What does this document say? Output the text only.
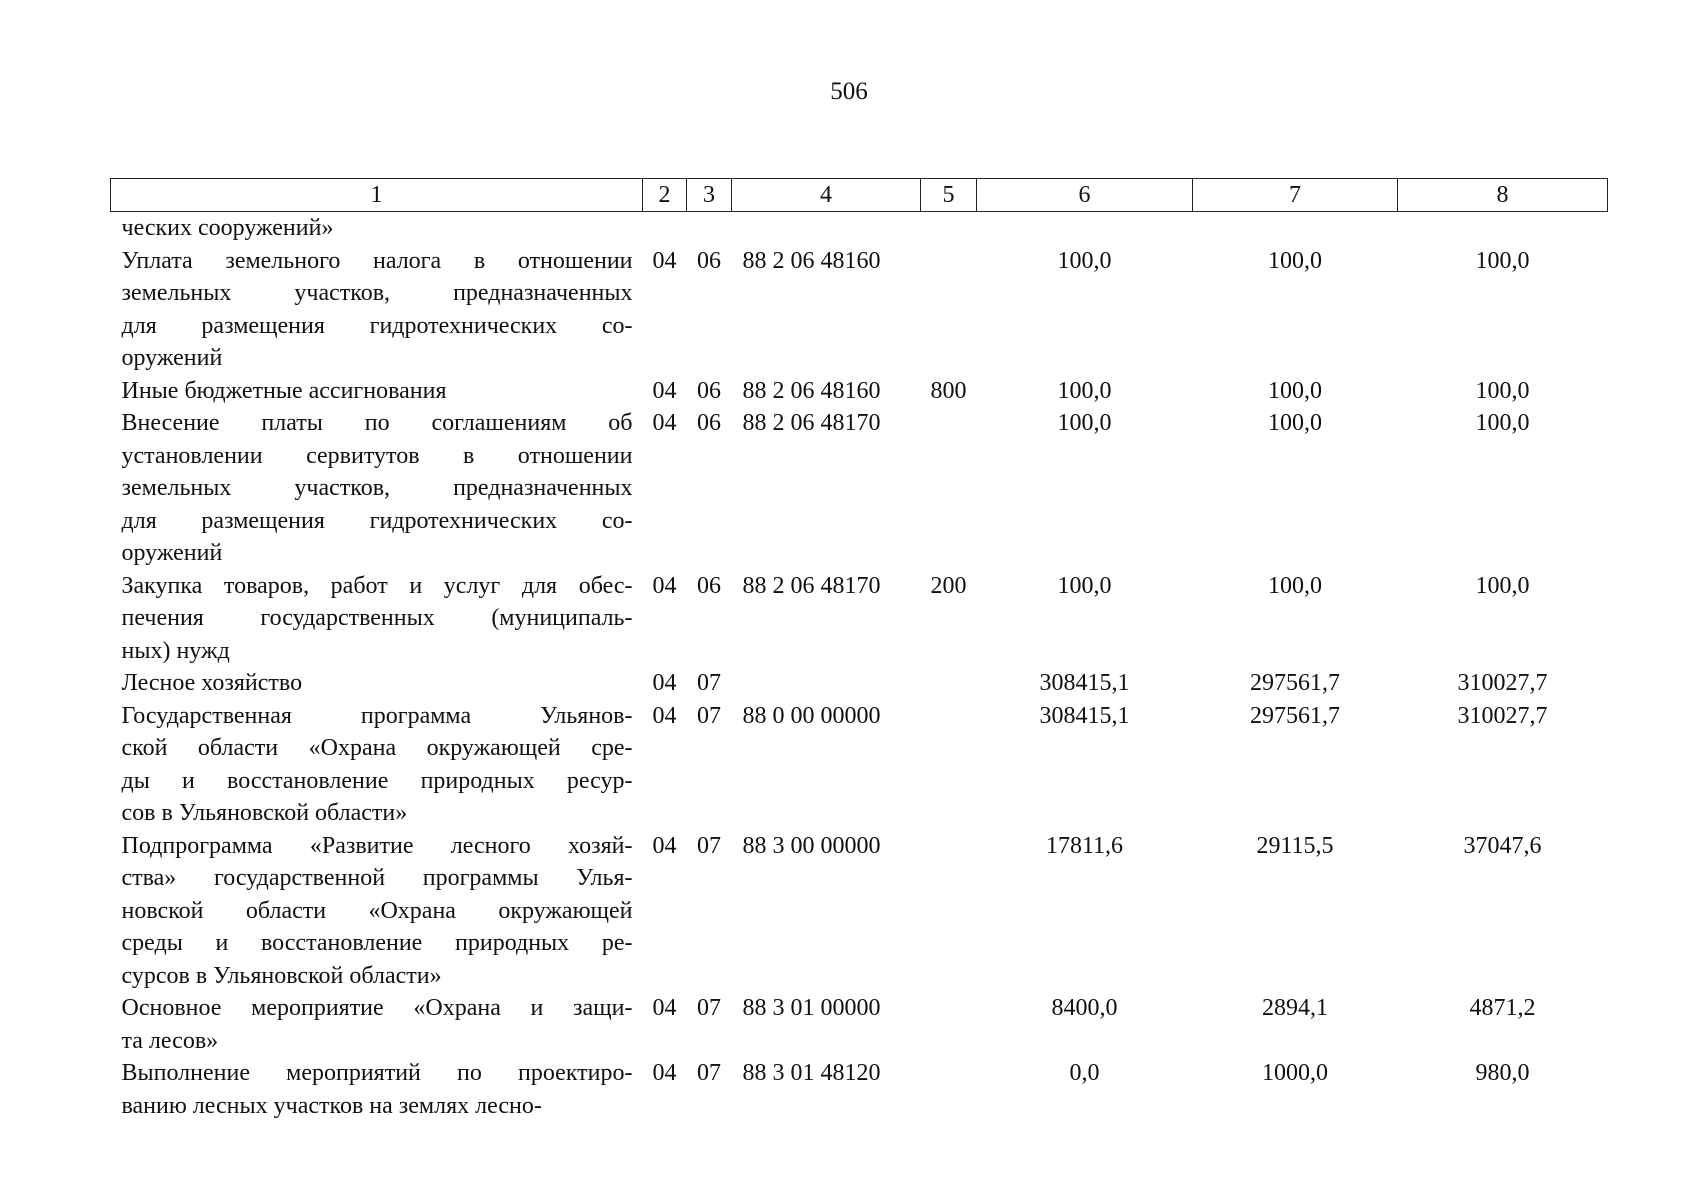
506
1	2	3	4	5	6	7	8

ческих сооружений»							

Уплата земельного налога в отношении
земельных участков, предназначенных
для размещения гидротехнических со-
оружений	04	06	88 2 06 48160		100,0	100,0	100,0

Иные бюджетные ассигнования	04	06	88 2 06 48160	800	100,0	100,0	100,0

Внесение платы по соглашениям об
установлении сервитутов в отношении
земельных участков, предназначенных
для размещения гидротехнических со-
оружений	04	06	88 2 06 48170		100,0	100,0	100,0

Закупка товаров, работ и услуг для обес-
печения государственных (муниципаль-
ных) нужд	04	06	88 2 06 48170	200	100,0	100,0	100,0

Лесное хозяйство	04	07			308415,1	297561,7	310027,7

Государственная программа Ульянов-
ской области «Охрана окружающей сре-
ды и восстановление природных ресур-
сов в Ульяновской области»	04	07	88 0 00 00000		308415,1	297561,7	310027,7

Подпрограмма «Развитие лесного хозяй-
ства» государственной программы Улья-
новской области «Охрана окружающей
среды и восстановление природных ре-
сурсов в Ульяновской области»	04	07	88 3 00 00000		17811,6	29115,5	37047,6

Основное мероприятие «Охрана и защи-
та лесов»	04	07	88 3 01 00000		8400,0	2894,1	4871,2

Выполнение мероприятий по проектиро-
ванию лесных участков на землях лесно-	04	07	88 3 01 48120		0,0	1000,0	980,0
